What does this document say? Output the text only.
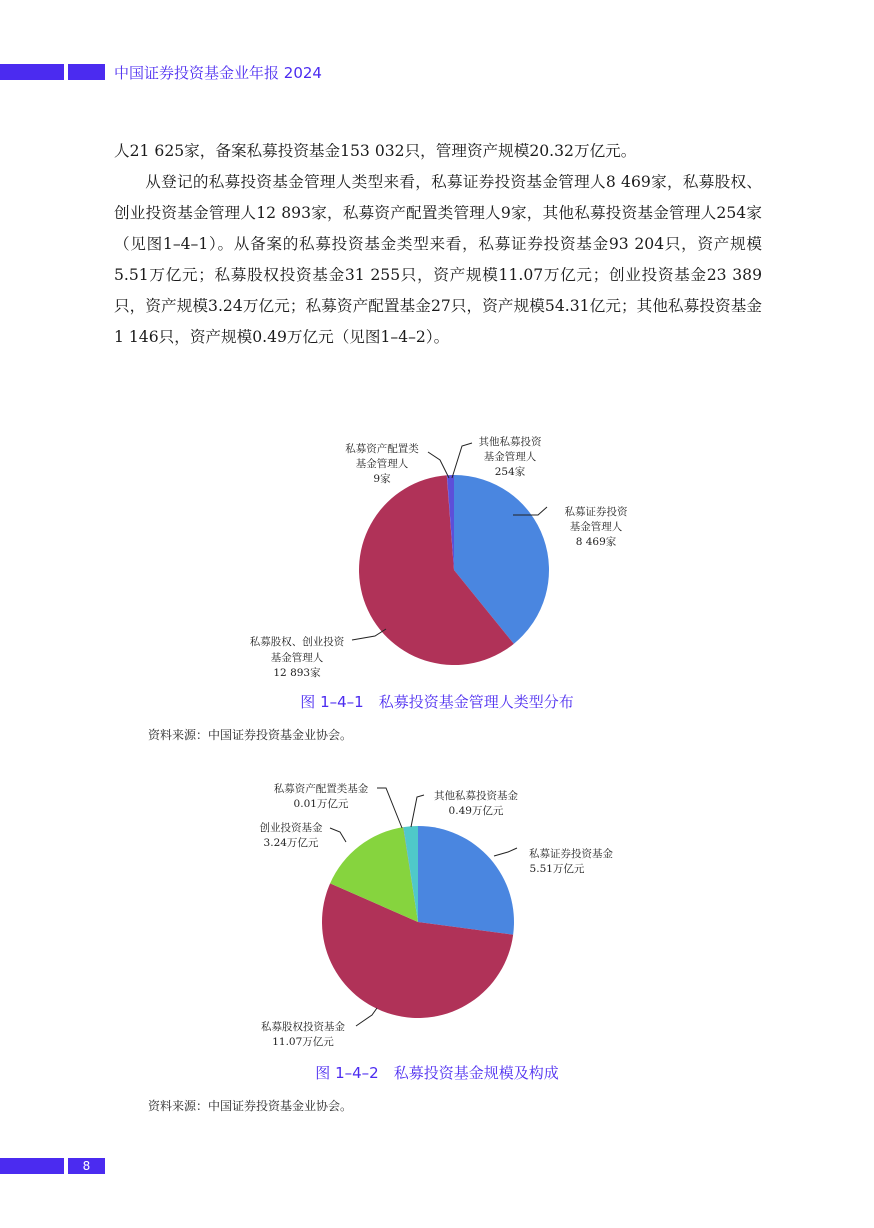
中国证券投资基金业年报 2024

人21 625家，备案私募投资基金153 032只，管理资产规模20.32万亿元。

从登记的私募投资基金管理人类型来看，私募证券投资基金管理人8 469家，私募股权、创业投资基金管理人12 893家，私募资产配置类管理人9家，其他私募投资基金管理人254家（见图1–4–1）。从备案的私募投资基金类型来看，私募证券投资基金93 204只，资产规模5.51万亿元；私募股权投资基金31 255只，资产规模11.07万亿元；创业投资基金23 389只，资产规模3.24万亿元；私募资产配置基金27只，资产规模54.31亿元；其他私募投资基金1 146只，资产规模0.49万亿元（见图1–4–2）。

私募证券投资
基金管理人
8 469家
私募股权、创业投资
基金管理人
12 893家
私募资产配置类
基金管理人
9家
其他私募投资
基金管理人
254家
图 1–4–1　私募投资基金管理人类型分布
资料来源：中国证券投资基金业协会。
私募证券投资基金
5.51万亿元
私募股权投资基金
11.07万亿元
创业投资基金
3.24万亿元
私募资产配置类基金
0.01万亿元
其他私募投资基金
0.49万亿元
图 1–4–2　私募投资基金规模及构成
资料来源：中国证券投资基金业协会。
8
